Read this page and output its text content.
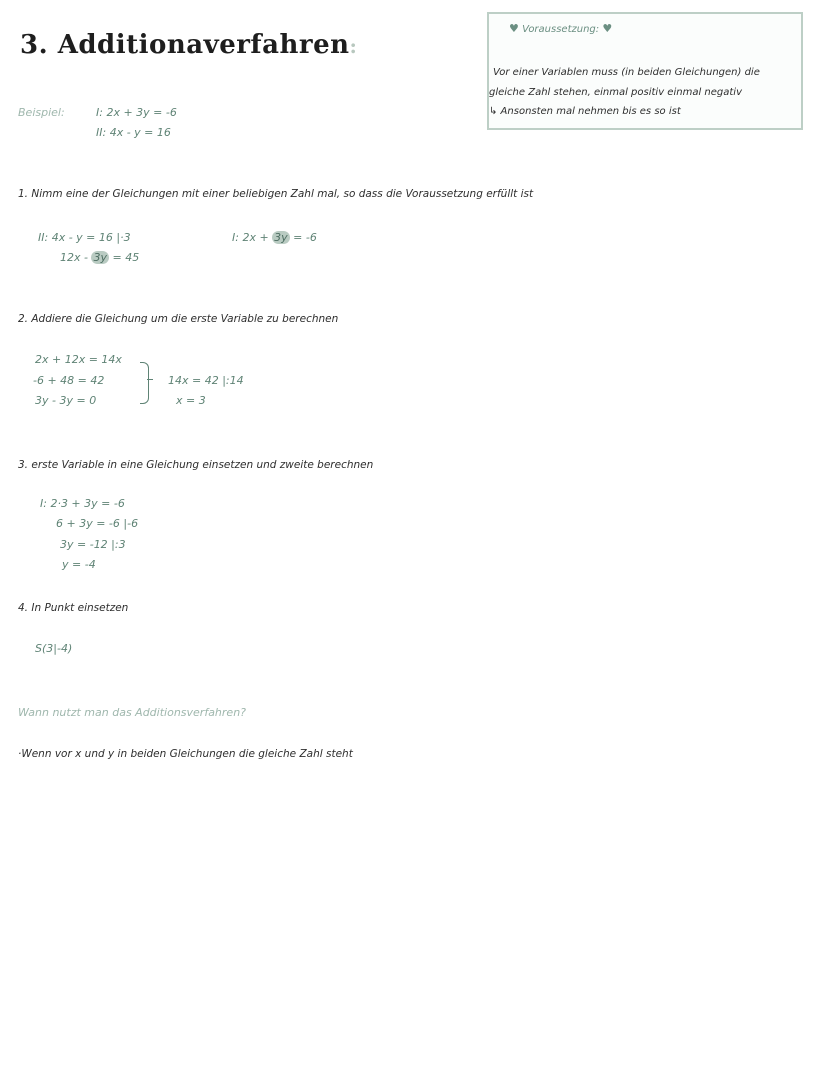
3. Additionaverfahren:
♥ Voraussetzung: ♥
Vor einer Variablen muss (in beiden Gleichungen) die
gleiche Zahl stehen, einmal positiv einmal negativ
↳ Ansonsten mal nehmen bis es so ist
Beispiel:	I: 2x + 3y = -6
II: 4x - y = 16
1. Nimm eine der Gleichungen mit einer beliebigen Zahl mal, so dass die Voraussetzung erfüllt ist
II: 4x - y = 16 |·3
12x - 3y = 45
I: 2x + 3y = -6
2. Addiere die Gleichung um die erste Variable zu berechnen
2x + 12x = 14x
-6 + 48 = 42
3y - 3y = 0
14x = 42 |:14
x = 3
3. erste Variable in eine Gleichung einsetzen und zweite berechnen
I: 2·3 + 3y = -6
6 + 3y = -6 |-6
3y = -12 |:3
y = -4
4. In Punkt einsetzen
S(3|-4)
Wann nutzt man das Additionsverfahren?
·Wenn vor x und y in beiden Gleichungen die gleiche Zahl steht
